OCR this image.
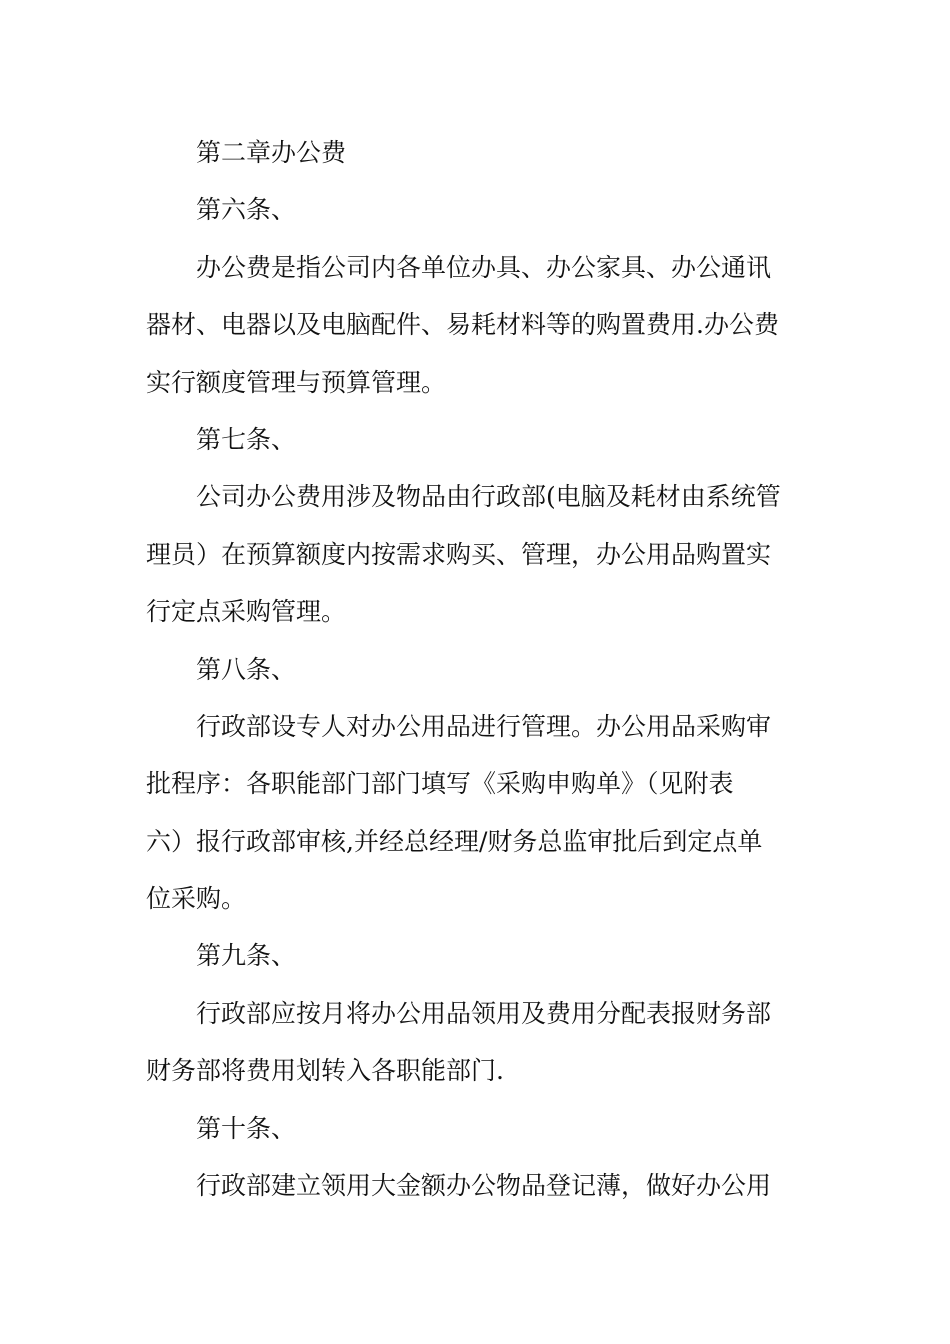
第二章办公费
第六条、
办公费是指公司内各单位办具、办公家具、办公通讯
器材、电器以及电脑配件、易耗材料等的购置费用.办公费
实行额度管理与预算管理。
第七条、
公司办公费用涉及物品由行政部(电脑及耗材由系统管
理员）在预算额度内按需求购买、管理，办公用品购置实
行定点采购管理。
第八条、
行政部设专人对办公用品进行管理。办公用品采购审
批程序：各职能部门部门填写《采购申购单》（见附表
六）报行政部审核,并经总经理/财务总监审批后到定点单
位采购。
第九条、
行政部应按月将办公用品领用及费用分配表报财务部
财务部将费用划转入各职能部门.
第十条、
行政部建立领用大金额办公物品登记薄，做好办公用
